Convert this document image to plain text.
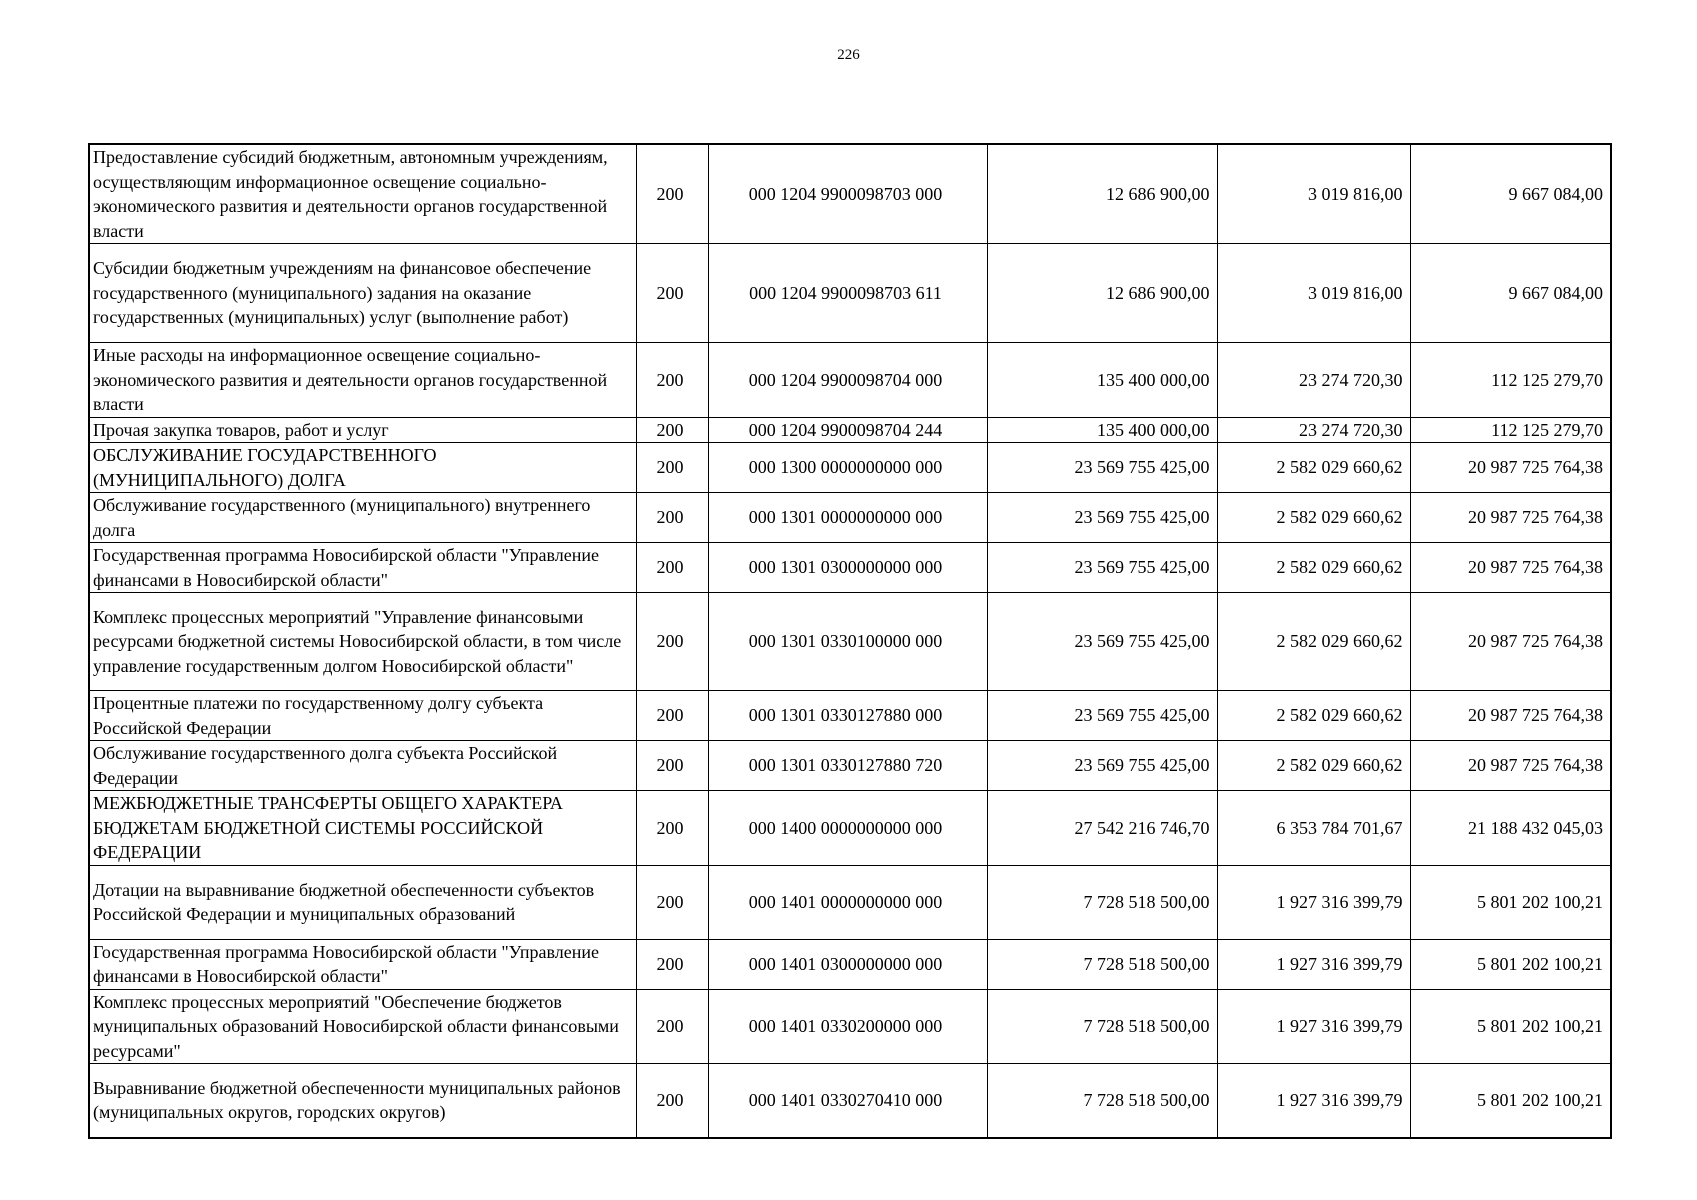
226
Предоставление субсидий бюджетным, автономным учреждениям, осуществляющим информационное освещение социально-экономического развития и деятельности органов государственной власти	200	000 1204 9900098703 000	12 686 900,00	3 019 816,00	9 667 084,00
Субсидии бюджетным учреждениям на финансовое обеспечение государственного (муниципального) задания на оказание государственных (муниципальных) услуг (выполнение работ)	200	000 1204 9900098703 611	12 686 900,00	3 019 816,00	9 667 084,00
Иные расходы на информационное освещение социально-экономического развития и деятельности органов государственной власти	200	000 1204 9900098704 000	135 400 000,00	23 274 720,30	112 125 279,70
Прочая закупка товаров, работ и услуг	200	000 1204 9900098704 244	135 400 000,00	23 274 720,30	112 125 279,70
ОБСЛУЖИВАНИЕ ГОСУДАРСТВЕННОГО (МУНИЦИПАЛЬНОГО) ДОЛГА	200	000 1300 0000000000 000	23 569 755 425,00	2 582 029 660,62	20 987 725 764,38
Обслуживание государственного (муниципального) внутреннего долга	200	000 1301 0000000000 000	23 569 755 425,00	2 582 029 660,62	20 987 725 764,38
Государственная программа Новосибирской области "Управление финансами в Новосибирской области"	200	000 1301 0300000000 000	23 569 755 425,00	2 582 029 660,62	20 987 725 764,38
Комплекс процессных мероприятий "Управление финансовыми ресурсами бюджетной системы Новосибирской области, в том числе управление государственным долгом Новосибирской области"	200	000 1301 0330100000 000	23 569 755 425,00	2 582 029 660,62	20 987 725 764,38
Процентные платежи по государственному долгу субъекта Российской Федерации	200	000 1301 0330127880 000	23 569 755 425,00	2 582 029 660,62	20 987 725 764,38
Обслуживание государственного долга субъекта Российской Федерации	200	000 1301 0330127880 720	23 569 755 425,00	2 582 029 660,62	20 987 725 764,38
МЕЖБЮДЖЕТНЫЕ ТРАНСФЕРТЫ ОБЩЕГО ХАРАКТЕРА БЮДЖЕТАМ БЮДЖЕТНОЙ СИСТЕМЫ РОССИЙСКОЙ ФЕДЕРАЦИИ	200	000 1400 0000000000 000	27 542 216 746,70	6 353 784 701,67	21 188 432 045,03
Дотации на выравнивание бюджетной обеспеченности субъектов Российской Федерации и муниципальных образований	200	000 1401 0000000000 000	7 728 518 500,00	1 927 316 399,79	5 801 202 100,21
Государственная программа Новосибирской области "Управление финансами в Новосибирской области"	200	000 1401 0300000000 000	7 728 518 500,00	1 927 316 399,79	5 801 202 100,21
Комплекс процессных мероприятий "Обеспечение бюджетов муниципальных образований Новосибирской области финансовыми ресурсами"	200	000 1401 0330200000 000	7 728 518 500,00	1 927 316 399,79	5 801 202 100,21
Выравнивание бюджетной обеспеченности муниципальных районов (муниципальных округов, городских округов)	200	000 1401 0330270410 000	7 728 518 500,00	1 927 316 399,79	5 801 202 100,21
